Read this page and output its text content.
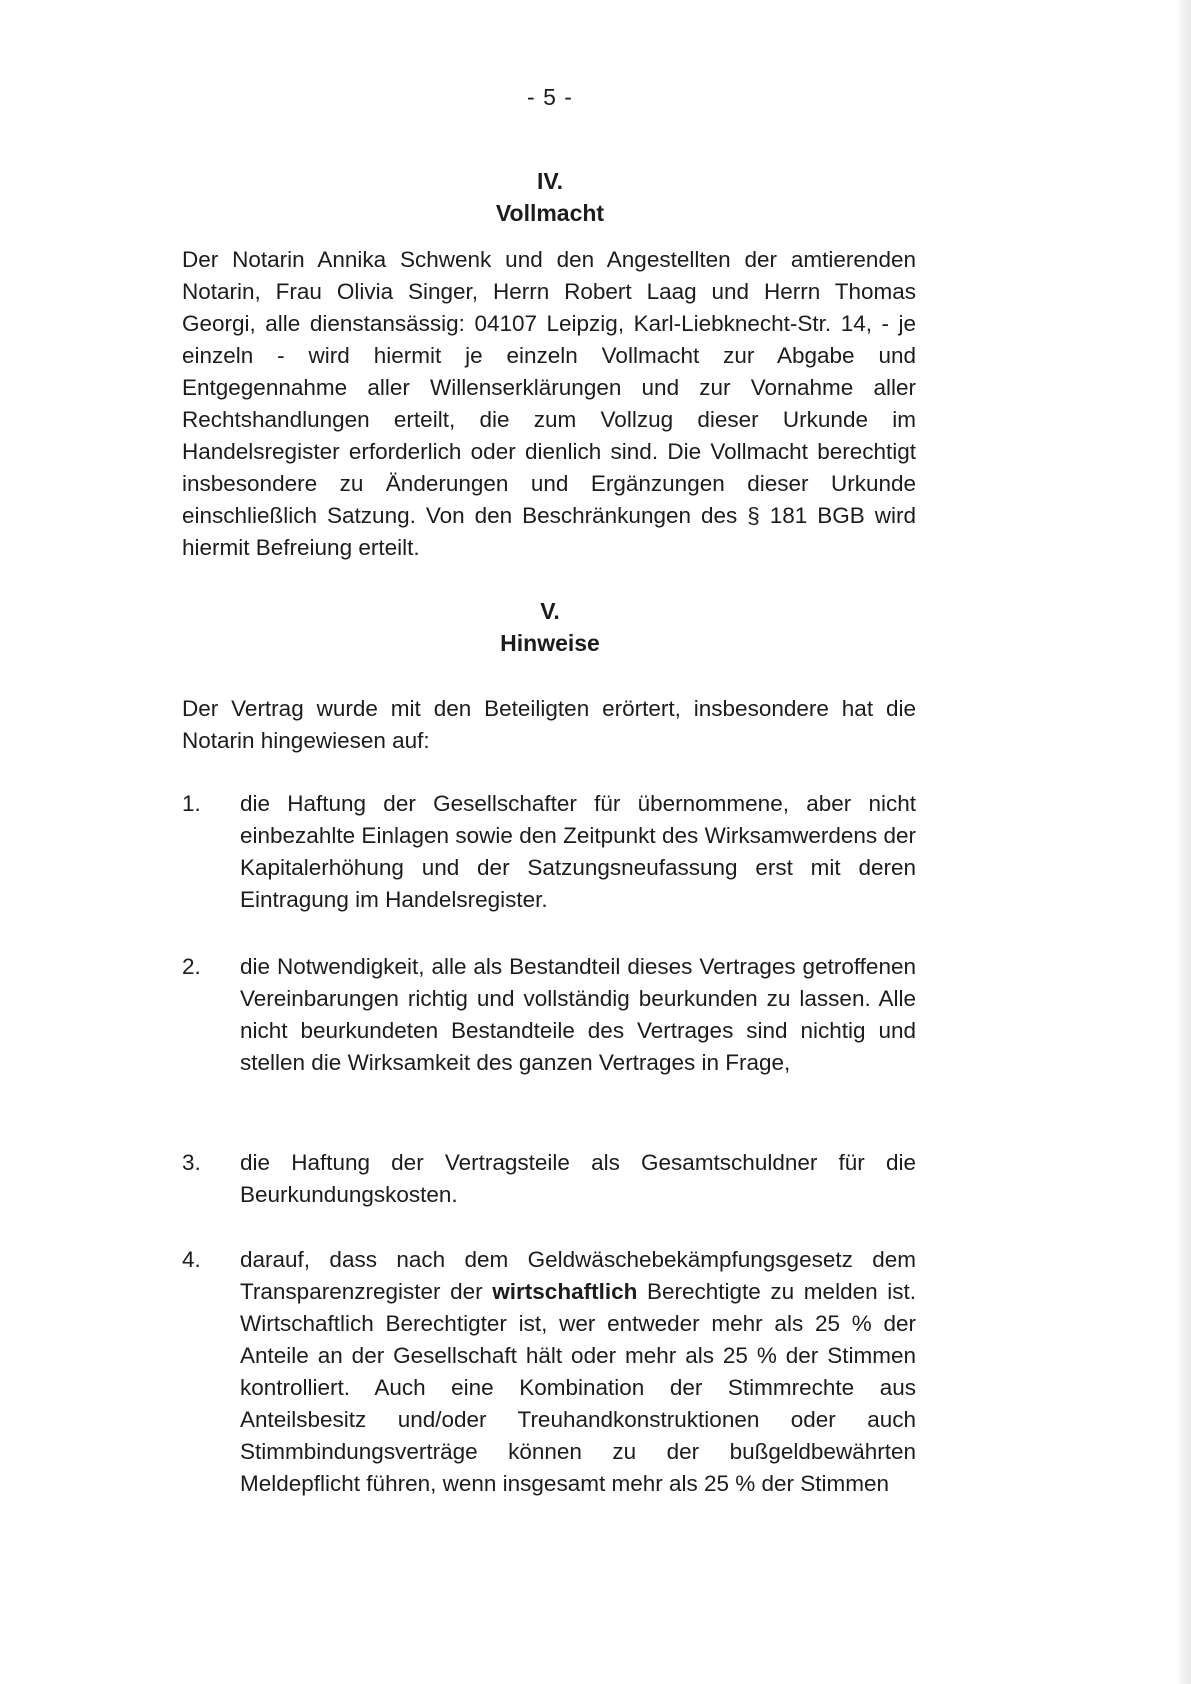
- 5 -
IV.
Vollmacht

Der Notarin Annika Schwenk und den Angestellten der amtierenden Notarin, Frau Olivia Singer, Herrn Robert Laag und Herrn Thomas Georgi, alle dienstansässig: 04107 Leipzig, Karl-Liebknecht-Str. 14, - je einzeln - wird hiermit je einzeln Vollmacht zur Abgabe und Entgegennahme aller Willenserklärungen und zur Vornahme aller Rechtshandlungen erteilt, die zum Vollzug dieser Urkunde im Handelsregister erforderlich oder dienlich sind. Die Vollmacht berechtigt insbesondere zu Änderungen und Ergänzungen dieser Urkunde einschließlich Satzung. Von den Beschränkungen des § 181 BGB wird hiermit Befreiung erteilt.

V.
Hinweise

Der Vertrag wurde mit den Beteiligten erörtert, insbesondere hat die Notarin hingewiesen auf:

1.	die Haftung der Gesellschafter für übernommene, aber nicht einbezahlte Einlagen sowie den Zeitpunkt des Wirksamwerdens der Kapitalerhöhung und der Satzungsneufassung erst mit deren Eintragung im Handelsregister.
2.	die Notwendigkeit, alle als Bestandteil dieses Vertrages getroffenen Vereinbarungen richtig und vollständig beurkunden zu lassen. Alle nicht beurkundeten Bestandteile des Vertrages sind nichtig und stellen die Wirksamkeit des ganzen Vertrages in Frage,
3.	die Haftung der Vertragsteile als Gesamtschuldner für die Beurkundungskosten.
4.	darauf, dass nach dem Geldwäschebekämpfungsgesetz dem Transparenzregister der wirtschaftlich Berechtigte zu melden ist. Wirtschaftlich Berechtigter ist, wer entweder mehr als 25 % der Anteile an der Gesellschaft hält oder mehr als 25 % der Stimmen kontrolliert. Auch eine Kombination der Stimmrechte aus Anteilsbesitz und/oder Treuhandkonstruktionen oder auch Stimmbindungsverträge können zu der bußgeldbewährten Meldepflicht führen, wenn insgesamt mehr als 25 % der Stimmen
